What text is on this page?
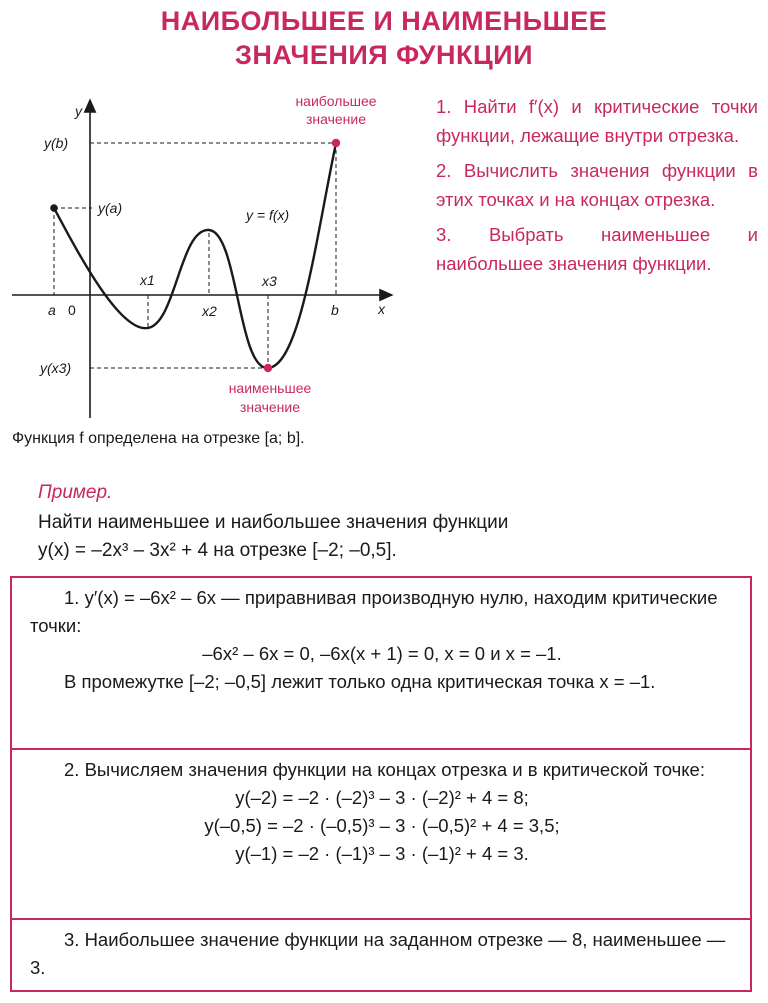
НАИБОЛЬШЕЕ И НАИМЕНЬШЕЕ
ЗНАЧЕНИЯ ФУНКЦИИ
y
x
a	b
x1
x2
x3
y(a)
y(b)
y(x3)
y = f(x)
0
наибольшее
значение
наименьшее
значение

1. Найти f′(x) и критические точки функции, лежащие внутри отрезка.

2. Вычислить значения функции в этих точках и на концах отрезка.

3. Выбрать наименьшее и наибольшее значения функции.

Функция f определена на отрезке [a; b].
Пример.
Найти наименьшее и наибольшее значения функции
y(x) = –2x³ – 3x² + 4 на отрезке [–2; –0,5].

1. y′(x) = –6x² – 6x — приравнивая производную нулю, находим критические точки:

–6x² – 6x = 0, –6x(x + 1) = 0, x = 0 и x = –1.

В промежутке [–2; –0,5] лежит только одна критическая точка x = –1.

2. Вычисляем значения функции на концах отрезка и в критической точке:

y(–2) = –2 · (–2)³ – 3 · (–2)² + 4 = 8;

y(–0,5) = –2 · (–0,5)³ – 3 · (–0,5)² + 4 = 3,5;

y(–1) = –2 · (–1)³ – 3 · (–1)² + 4 = 3.

3. Наибольшее значение функции на заданном отрезке — 8, наименьшее — 3.
